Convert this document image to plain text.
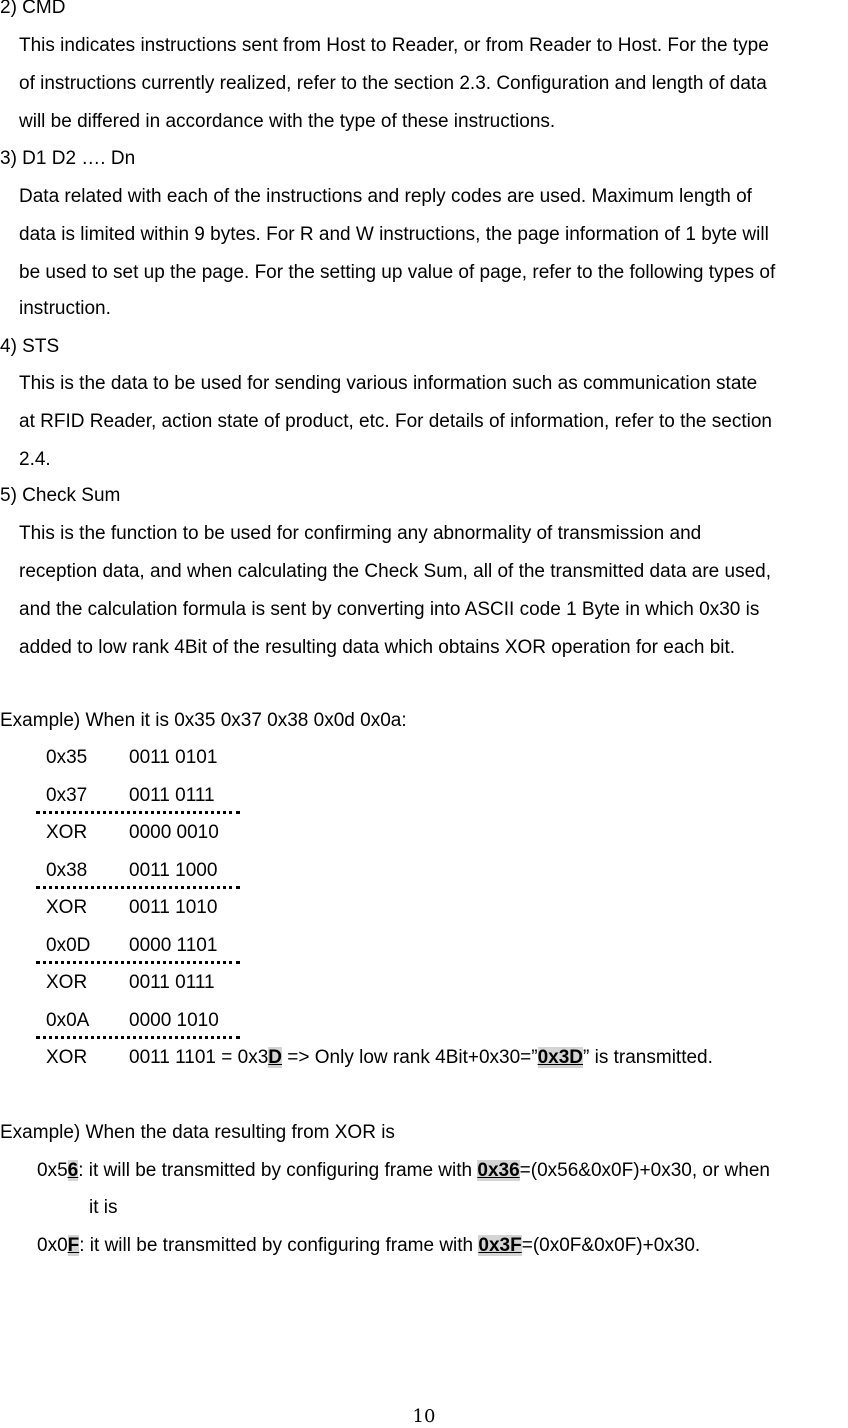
2) CMD
This indicates instructions sent from Host to Reader, or from Reader to Host. For the type
of instructions currently realized, refer to the section 2.3. Configuration and length of data
will be differed in accordance with the type of these instructions.
3) D1 D2 …. Dn
Data related with each of the instructions and reply codes are used. Maximum length of
data is limited within 9 bytes. For R and W instructions, the page information of 1 byte will
be used to set up the page. For the setting up value of page, refer to the following types of
instruction.
4) STS
This is the data to be used for sending various information such as communication state
at RFID Reader, action state of product, etc. For details of information, refer to the section
2.4.
5) Check Sum
This is the function to be used for confirming any abnormality of transmission and
reception data, and when calculating the Check Sum, all of the transmitted data are used,
and the calculation formula is sent by converting into ASCII code 1 Byte in which 0x30 is
added to low rank 4Bit of the resulting data which obtains XOR operation for each bit.
Example) When it is 0x35 0x37 0x38 0x0d 0x0a:
0x35 0011 0101
0x37 0011 0111
XOR 0000 0010
0x38 0011 1000
XOR 0011 1010
0x0D 0000 1101
XOR 0011 0111
0x0A 0000 1010
XOR 0011 1101 = 0x3D => Only low rank 4Bit+0x30=”0x3D” is transmitted.
Example) When the data resulting from XOR is
0x56: it will be transmitted by configuring frame with 0x36=(0x56&0x0F)+0x30, or when
it is
0x0F: it will be transmitted by configuring frame with 0x3F=(0x0F&0x0F)+0x30.
10
